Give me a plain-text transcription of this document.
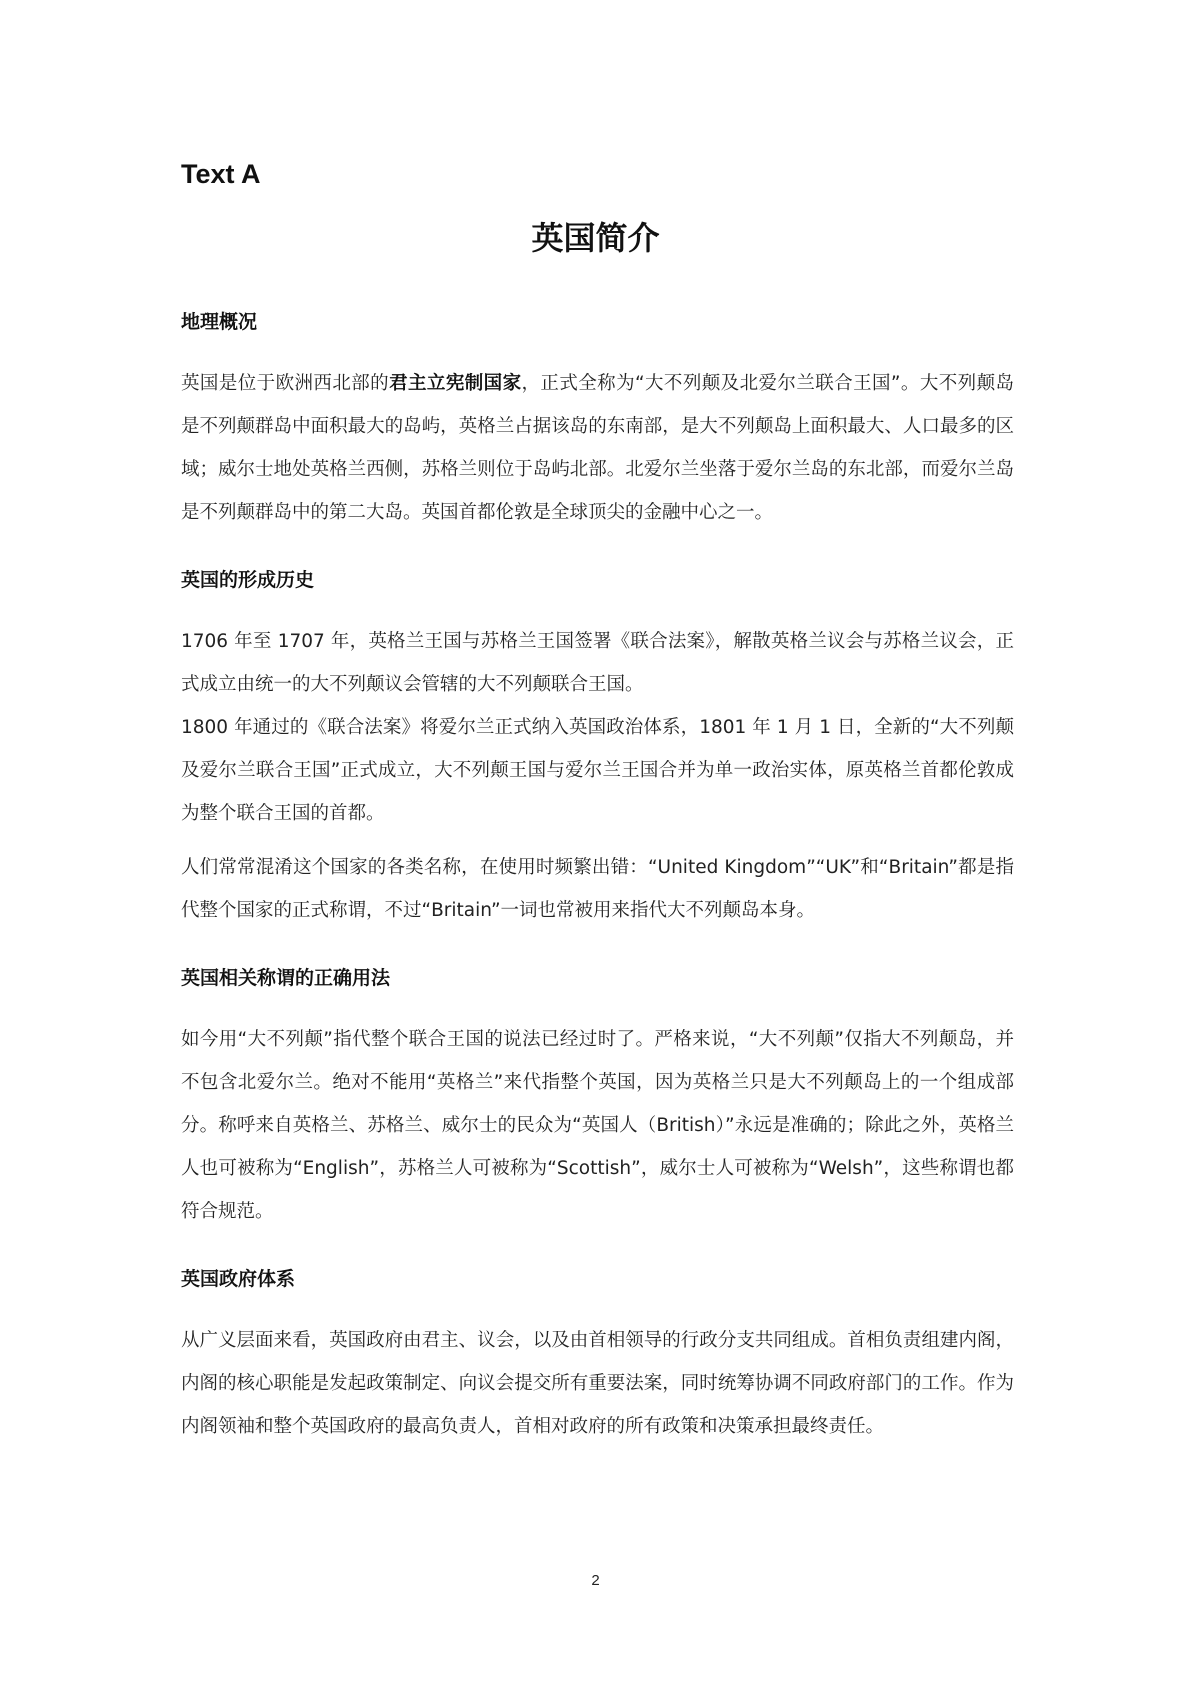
Text A
英国简介
地理概况

英国是位于欧洲西北部的君主立宪制国家，正式全称为“大不列颠及北爱尔兰联合王国”。大不列颠岛是不列颠群岛中面积最大的岛屿，英格兰占据该岛的东南部，是大不列颠岛上面积最大、人口最多的区域；威尔士地处英格兰西侧，苏格兰则位于岛屿北部。北爱尔兰坐落于爱尔兰岛的东北部，而爱尔兰岛是不列颠群岛中的第二大岛。英国首都伦敦是全球顶尖的金融中心之一。

英国的形成历史

1706 年至 1707 年，英格兰王国与苏格兰王国签署《联合法案》，解散英格兰议会与苏格兰议会，正式成立由统一的大不列颠议会管辖的大不列颠联合王国。

1800 年通过的《联合法案》将爱尔兰正式纳入英国政治体系，1801 年 1 月 1 日，全新的“大不列颠及爱尔兰联合王国”正式成立，大不列颠王国与爱尔兰王国合并为单一政治实体，原英格兰首都伦敦成为整个联合王国的首都。

人们常常混淆这个国家的各类名称，在使用时频繁出错：“United Kingdom”“UK”和“Britain”都是指代整个国家的正式称谓，不过“Britain”一词也常被用来指代大不列颠岛本身。

英国相关称谓的正确用法

如今用“大不列颠”指代整个联合王国的说法已经过时了。严格来说，“大不列颠”仅指大不列颠岛，并不包含北爱尔兰。绝对不能用“英格兰”来代指整个英国，因为英格兰只是大不列颠岛上的一个组成部分。称呼来自英格兰、苏格兰、威尔士的民众为“英国人（British）”永远是准确的；除此之外，英格兰人也可被称为“English”，苏格兰人可被称为“Scottish”，威尔士人可被称为“Welsh”，这些称谓也都符合规范。

英国政府体系

从广义层面来看，英国政府由君主、议会，以及由首相领导的行政分支共同组成。首相负责组建内阁，内阁的核心职能是发起政策制定、向议会提交所有重要法案，同时统筹协调不同政府部门的工作。作为内阁领袖和整个英国政府的最高负责人，首相对政府的所有政策和决策承担最终责任。

2
